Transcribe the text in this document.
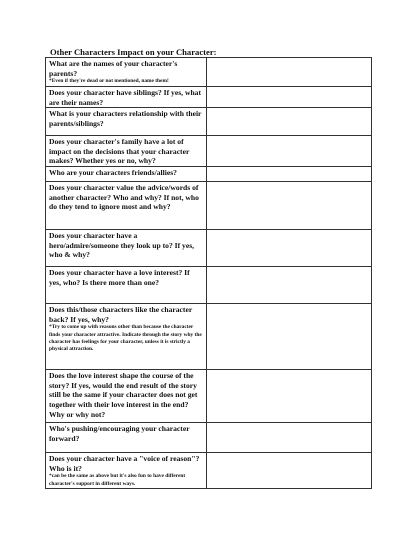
Other Characters Impact on your Character:
What are the names of your character's parents?
*Even if they're dead or not mentioned, name them!	

Does your character have siblings? If yes, what are their names?	
What is your characters relationship with their parents/siblings?	
Does your character's family have a lot of impact on the decisions that your character makes? Whether yes or no, why?	
Who are your characters friends/allies?	
Does your character value the advice/words of another character? Who and why? If not, who do they tend to ignore most and why?	
Does your character have a hero/admire/someone they look up to? If yes, who & why?	
Does your character have a love interest? If yes, who? Is there more than one?	
Does this/those characters like the character back? If yes, why?
*Try to come up with reasons other than because the character finds your character attractive. Indicate through the story why the character has feelings for your character, unless it is strictly a physical attraction.	

Does the love interest shape the course of the story? If yes, would the end result of the story still be the same if your character does not get together with their love interest in the end? Why or why not?	
Who's pushing/encouraging your character forward?	
Does your character have a "voice of reason"? Who is it?
*can be the same as above but it's also fun to have different character's support in different ways.	
